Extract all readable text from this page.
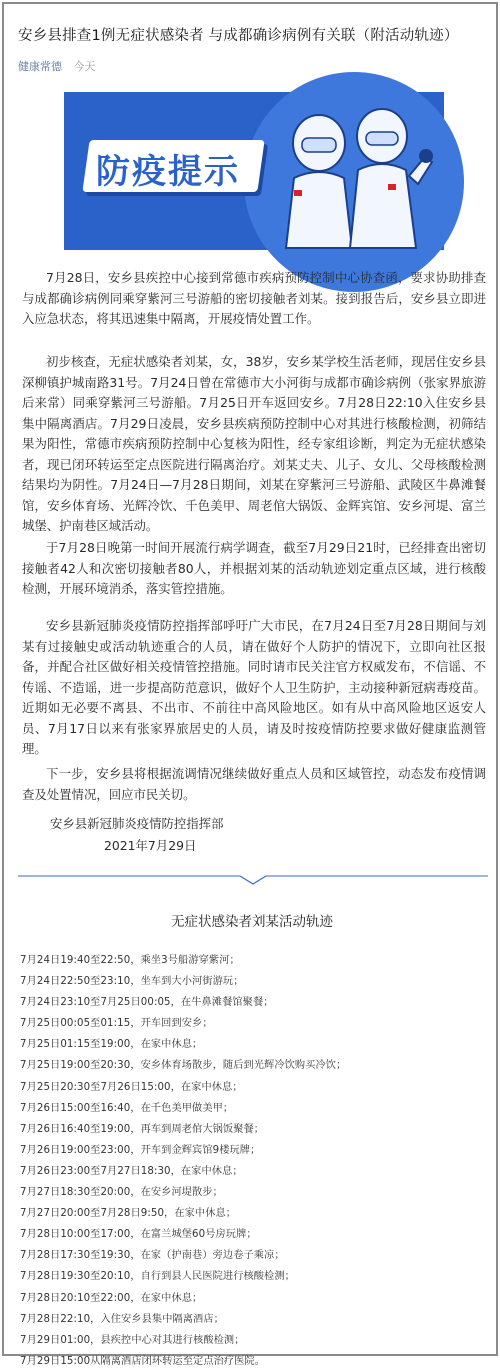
安乡县排查1例无症状感染者 与成都确诊病例有关联（附活动轨迹）
健康常德 今天
防疫提示

7月28日，安乡县疾控中心接到常德市疾病预防控制中心协查函，要求协助排查与成都确诊病例同乘穿紫河三号游船的密切接触者刘某。接到报告后，安乡县立即进入应急状态，将其迅速集中隔离，开展疫情处置工作。

初步核查，无症状感染者刘某，女，38岁，安乡某学校生活老师，现居住安乡县深柳镇护城南路31号。7月24日曾在常德市大小河街与成都市确诊病例（张家界旅游后来常）同乘穿紫河三号游船。7月25日开车返回安乡。7月28日22:10入住安乡县集中隔离酒店。7月29日凌晨，安乡县疾病预防控制中心对其进行核酸检测，初筛结果为阳性，常德市疾病预防控制中心复核为阳性，经专家组诊断，判定为无症状感染者，现已闭环转运至定点医院进行隔离治疗。刘某丈夫、儿子、女儿、父母核酸检测结果均为阴性。7月24日—7月28日期间，刘某在穿紫河三号游船、武陵区牛鼻滩餐馆，安乡体育场、光辉冷饮、千色美甲、周老倌大锅饭、金辉宾馆、安乡河堤、富兰城堡、护南巷区域活动。

于7月28日晚第一时间开展流行病学调查，截至7月29日21时，已经排查出密切接触者42人和次密切接触者80人，并根据刘某的活动轨迹划定重点区域，进行核酸检测，开展环境消杀，落实管控措施。

安乡县新冠肺炎疫情防控指挥部呼吁广大市民，在7月24日至7月28日期间与刘某有过接触史或活动轨迹重合的人员，请在做好个人防护的情况下，立即向社区报备，并配合社区做好相关疫情管控措施。同时请市民关注官方权威发布，不信谣、不传谣、不造谣，进一步提高防范意识，做好个人卫生防护，主动接种新冠病毒疫苗。近期如无必要不离县、不出市、不前往中高风险地区。如有从中高风险地区返安人员、7月17日以来有张家界旅居史的人员，请及时按疫情防控要求做好健康监测管理。

下一步，安乡县将根据流调情况继续做好重点人员和区域管控，动态发布疫情调查及处置情况，回应市民关切。

安乡县新冠肺炎疫情防控指挥部
2021年7月29日
无症状感染者刘某活动轨迹
7月24日19:40至22:50，乘坐3号船游穿紫河；
7月24日22:50至23:10，坐车到大小河街游玩；
7月24日23:10至7月25日00:05，在牛鼻滩餐馆聚餐；
7月25日00:05至01:15，开车回到安乡；
7月25日01:15至19:00，在家中休息；
7月25日19:00至20:30，安乡体育场散步，随后到光辉冷饮购买冷饮；
7月25日20:30至7月26日15:00，在家中休息；
7月26日15:00至16:40，在千色美甲做美甲；
7月26日16:40至19:00，再车到周老倌大锅饭聚餐；
7月26日19:00至23:00，开车到金辉宾馆9楼玩牌；
7月26日23:00至7月27日18:30，在家中休息；
7月27日18:30至20:00，在安乡河堤散步；
7月27日20:00至7月28日9:50，在家中休息；
7月28日10:00至17:00，在富兰城堡60号房玩牌；
7月28日17:30至19:30，在家（护南巷）旁边卷子乘凉；
7月28日19:30至20:10，自行到县人民医院进行核酸检测；
7月28日20:10至22:00，在家中休息；
7月28日22:10，入住安乡县集中隔离酒店；
7月29日01:00，县疾控中心对其进行核酸检测；
7月29日15:00从隔离酒店闭环转运至定点治疗医院。
